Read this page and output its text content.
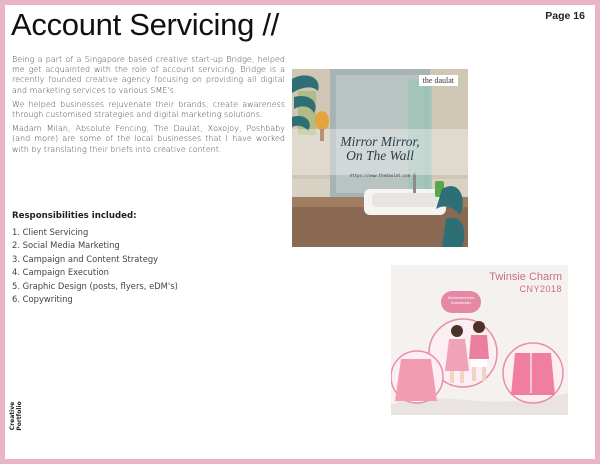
Account Servicing //	Page 16

Being a part of a Singapore based creative start-up Bridge, helped me get acquainted with the role of account servicing. Bridge is a recently founded creative agency focusing on providing all digital and marketing services to various SME's.

We helped businesses rejuvenate their brands, create awareness through customised strategies and digital marketing solutions.

Madam Milan, Absolute Fencing, The Daulat, Xoxojoy, Poshbaby (and more) are some of the local businesses that I have worked with by translating their briefs into creative content.

Responsibilities included:
1. Client Servicing
2. Social Media Marketing
3. Campaign and Content Strategy
4. Campaign Execution
5. Graphic Design (posts, flyers, eDM's)
6. Copywriting
Creative Portfolio
the daulat
Mirror Mirror,
On The Wall
https://www.thedaulat.com
Twinsie Charm
CNY2018
#twinsiecharm #poshbaby
